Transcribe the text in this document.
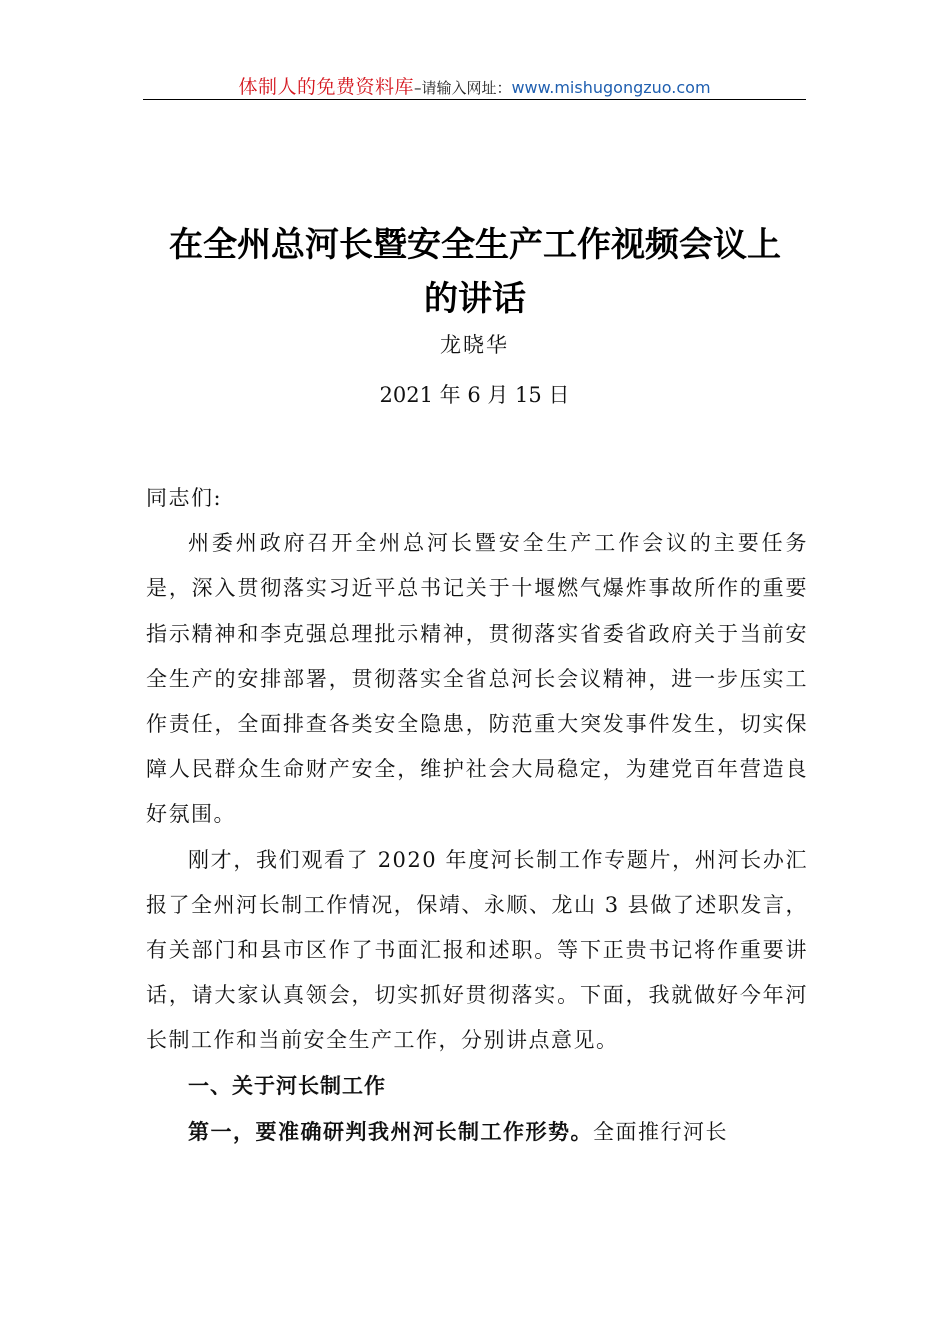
体制人的免费资料库–请输入网址：www.mishugongzuo.com
在全州总河长暨安全生产工作视频会议上
的讲话
龙晓华
2021 年 6 月 15 日

同志们:

州委州政府召开全州总河长暨安全生产工作会议的主要任务是，深入贯彻落实习近平总书记关于十堰燃气爆炸事故所作的重要指示精神和李克强总理批示精神，贯彻落实省委省政府关于当前安全生产的安排部署，贯彻落实全省总河长会议精神，进一步压实工作责任，全面排查各类安全隐患，防范重大突发事件发生，切实保障人民群众生命财产安全，维护社会大局稳定，为建党百年营造良好氛围。

刚才，我们观看了 2020 年度河长制工作专题片，州河长办汇报了全州河长制工作情况，保靖、永顺、龙山 3 县做了述职发言，有关部门和县市区作了书面汇报和述职。等下正贵书记将作重要讲话，请大家认真领会，切实抓好贯彻落实。下面，我就做好今年河长制工作和当前安全生产工作，分别讲点意见。

一、关于河长制工作

第一，要准确研判我州河长制工作形势。全面推行河长
